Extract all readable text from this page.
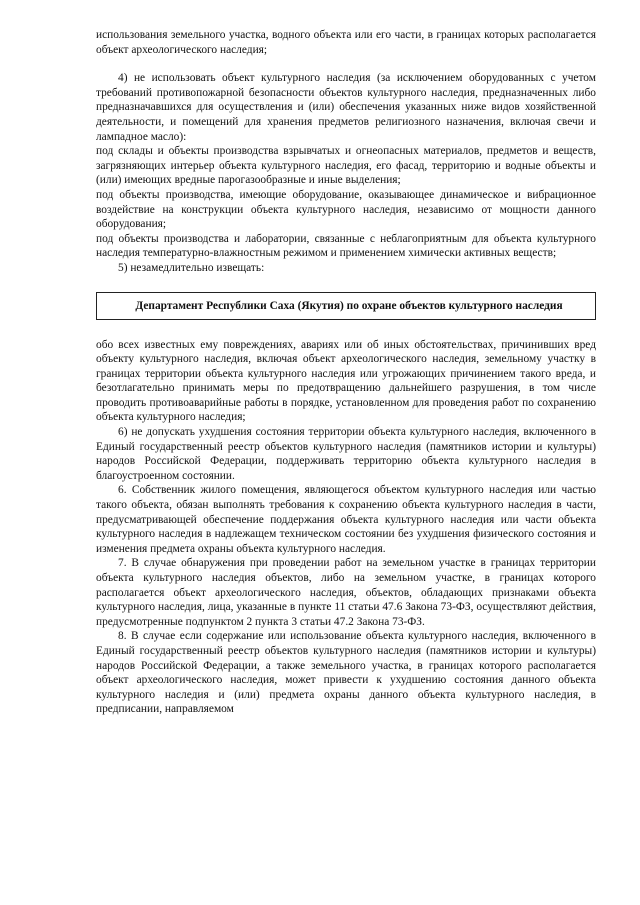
использования земельного участка, водного объекта или его части, в границах которых располагается объект археологического наследия;

4) не использовать объект культурного наследия (за исключением оборудованных с учетом требований противопожарной безопасности объектов культурного наследия, предназначенных либо предназначавшихся для осуществления и (или) обеспечения указанных ниже видов хозяйственной деятельности, и помещений для хранения предметов религиозного назначения, включая свечи и лампадное масло):

под склады и объекты производства взрывчатых и огнеопасных материалов, предметов и веществ, загрязняющих интерьер объекта культурного наследия, его фасад, территорию и водные объекты и (или) имеющих вредные парогазообразные и иные выделения;

под объекты производства, имеющие оборудование, оказывающее динамическое и вибрационное воздействие на конструкции объекта культурного наследия, независимо от мощности данного оборудования;

под объекты производства и лаборатории, связанные с неблагоприятным для объекта культурного наследия температурно-влажностным режимом и применением химически активных веществ;

5) незамедлительно извещать:

Департамент Республики Саха (Якутия) по охране объектов культурного наследия

обо всех известных ему повреждениях, авариях или об иных обстоятельствах, причинивших вред объекту культурного наследия, включая объект археологического наследия, земельному участку в границах территории объекта культурного наследия или угрожающих причинением такого вреда, и безотлагательно принимать меры по предотвращению дальнейшего разрушения, в том числе проводить противоаварийные работы в порядке, установленном для проведения работ по сохранению объекта культурного наследия;

6) не допускать ухудшения состояния территории объекта культурного наследия, включенного в Единый государственный реестр объектов культурного наследия (памятников истории и культуры) народов Российской Федерации, поддерживать территорию объекта культурного наследия в благоустроенном состоянии.

6. Собственник жилого помещения, являющегося объектом культурного наследия или частью такого объекта, обязан выполнять требования к сохранению объекта культурного наследия в части, предусматривающей обеспечение поддержания объекта культурного наследия или части объекта культурного наследия в надлежащем техническом состоянии без ухудшения физического состояния и изменения предмета охраны объекта культурного наследия.

7. В случае обнаружения при проведении работ на земельном участке в границах территории объекта культурного наследия объектов, либо на земельном участке, в границах которого располагается объект археологического наследия, объектов, обладающих признаками объекта культурного наследия, лица, указанные в пункте 11 статьи 47.6 Закона 73-ФЗ, осуществляют действия, предусмотренные подпунктом 2 пункта 3 статьи 47.2 Закона 73-ФЗ.

8. В случае если содержание или использование объекта культурного наследия, включенного в Единый государственный реестр объектов культурного наследия (памятников истории и культуры) народов Российской Федерации, а также земельного участка, в границах которого располагается объект археологического наследия, может привести к ухудшению состояния данного объекта культурного наследия и (или) предмета охраны данного объекта культурного наследия, в предписании, направляемом
